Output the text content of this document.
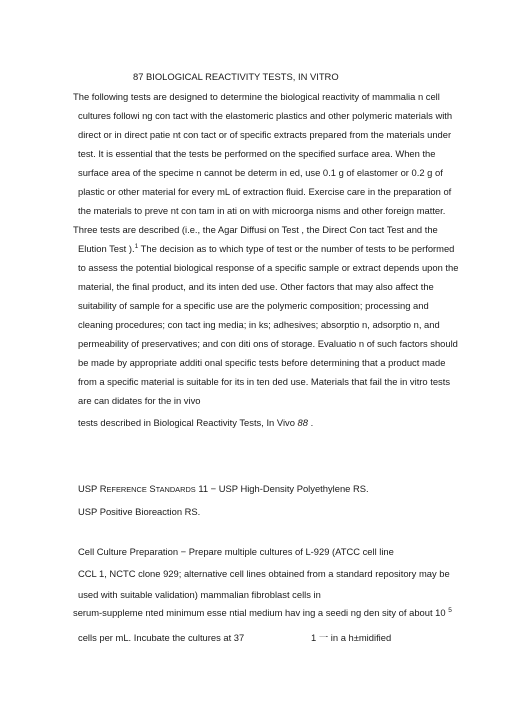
87 BIOLOGICAL REACTIVITY TESTS, IN VITRO
The following tests are designed to determine the biological reactivity of mammalia n cell
cultures followi ng con tact with the elastomeric plastics and other polymeric materials with
direct or in direct patie nt con tact or of specific extracts prepared from the materials under
test. It is essential that the tests be performed on the specified surface area. When the
surface area of the specime n cannot be determ in ed, use 0.1 g of elastomer or 0.2 g of
plastic or other material for every mL of extraction fluid. Exercise care in the preparation of
the materials to preve nt con tam in ati on with microorga nisms and other foreign matter.
Three tests are described (i.e., the Agar Diffusi on Test , the Direct Con tact Test and the
Elution Test ).$^1$ The decision as to which type of test or the number of tests to be performed
to assess the potential biological response of a specific sample or extract depends upon the
material, the final product, and its inten ded use. Other factors that may also affect the
suitability of sample for a specific use are the polymeric composition; processing and
cleaning procedures; con tact ing media; in ks; adhesives; absorptio n, adsorptio n, and
permeability of preservatives; and con diti ons of storage. Evaluatio n of such factors should
be made by appropriate additi onal specific tests before determining that a product made
from a specific material is suitable for its in ten ded use. Materials that fail the in vitro tests
are can didates for the in vivo
tests described in Biological Reactivity Tests, In Vivo 88 .
USP REFERENCE STANDARDS 11 − USP High-Density Polyethylene RS.
USP Positive Bioreaction RS.
Cell Culture Preparation − Prepare multiple cultures of L-929 (ATCC cell line
CCL 1, NCTC clone 929; alternative cell lines obtained from a standard repository may be
used with suitable validation) mammalian fibroblast cells in
serum-suppleme nted minimum esse ntial medium hav ing a seedi ng den sity of about 10 $^5$
cells per mL. Incubate the cultures at 37	1 一 in a h±midified
